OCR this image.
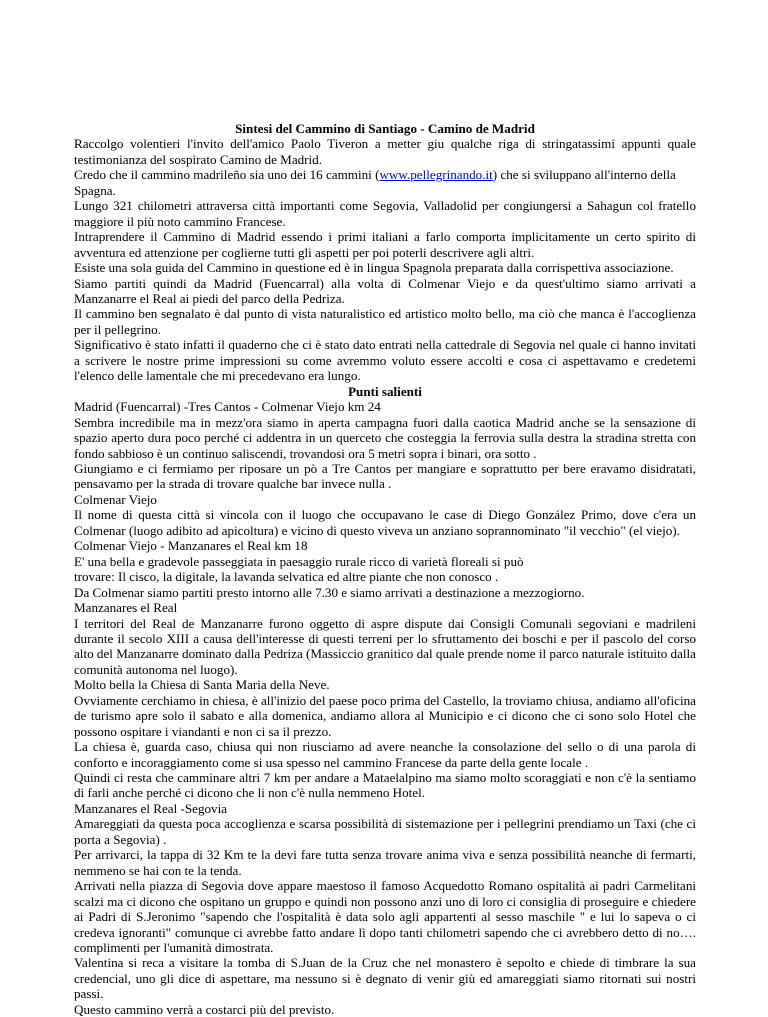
Sintesi del Cammino di Santiago - Camino de Madrid

Raccolgo volentieri l'invito dell'amico Paolo Tiveron a metter giu qualche riga di stringatassimi appunti quale testimonianza del sospirato Camino de Madrid.

Credo che il cammino madrileño sia uno dei 16 cammini (www.pellegrinando.it) che si sviluppano all'interno della Spagna.

Lungo 321 chilometri attraversa città importanti come Segovia, Valladolid per congiungersi a Sahagun col fratello maggiore il più noto cammino Francese.

Intraprendere il Cammino di Madrid essendo i primi italiani a farlo comporta implicitamente un certo spirito di avventura ed attenzione per coglierne tutti gli aspetti per poi poterli descrivere agli altri.

Esiste una sola guida del Cammino in questione ed è in lingua Spagnola preparata dalla corrispettiva associazione.

Siamo partiti quindi da Madrid (Fuencarral) alla volta di Colmenar Viejo e da quest'ultimo siamo arrivati a Manzanarre el Real ai piedi del parco della Pedriza.

Il cammino ben segnalato è dal punto di vista naturalistico ed artistico molto bello, ma ciò che manca è l'accoglienza per il pellegrino.

Significativo è stato infatti il quaderno che ci è stato dato entrati nella cattedrale di Segovia nel quale ci hanno invitati a scrivere le nostre prime impressioni su come avremmo voluto essere accolti e cosa ci aspettavamo e credetemi l'elenco delle lamentale che mi precedevano era lungo.

Punti salienti

Madrid (Fuencarral) -Tres Cantos - Colmenar Viejo km 24

Sembra incredibile ma in mezz'ora siamo in aperta campagna fuori dalla caotica Madrid anche se la sensazione di spazio aperto dura poco perché ci addentra in un querceto che costeggia la ferrovia sulla destra la stradina stretta con fondo sabbioso è un continuo saliscendi, trovandosi ora 5 metri sopra i binari, ora sotto .

Giungiamo e ci fermiamo per riposare un pò a Tre Cantos per mangiare e soprattutto per bere eravamo disidratati, pensavamo per la strada di trovare qualche bar invece nulla .

Colmenar Viejo

Il nome di questa città si vincola con il luogo che occupavano le case di Diego González Primo, dove c'era un Colmenar (luogo adibito ad apicoltura) e vicino di questo viveva un anziano soprannominato "il vecchio" (el viejo).

Colmenar Viejo - Manzanares el Real km 18

E' una bella e gradevole passeggiata in paesaggio rurale ricco di varietà floreali si può

trovare: Il cisco, la digitale, la lavanda selvatica ed altre piante che non conosco .

Da Colmenar siamo partiti presto intorno alle 7.30 e siamo arrivati a destinazione a mezzogiorno.

Manzanares el Real

I territori del Real de Manzanarre furono oggetto di aspre dispute dai Consigli Comunali segoviani e madrileni durante il secolo XIII a causa dell'interesse di questi terreni per lo sfruttamento dei boschi e per il pascolo del corso alto del Manzanarre dominato dalla Pedriza (Massiccio granitico dal quale prende nome il parco naturale istituito dalla comunità autonoma nel luogo).

Molto bella la Chiesa di Santa Maria della Neve.

Ovviamente cerchiamo in chiesa, è all'inizio del paese poco prima del Castello, la troviamo chiusa, andiamo all'oficina de turismo apre solo il sabato e alla domenica, andiamo allora al Municipio e ci dicono che ci sono solo Hotel che possono ospitare i viandanti e non ci sa il prezzo.

La chiesa è, guarda caso, chiusa qui non riusciamo ad avere neanche la consolazione del sello o di una parola di conforto e incoraggiamento come si usa spesso nel cammino Francese da parte della gente locale .

Quindi ci resta che camminare altri 7 km per andare a Mataelalpino ma siamo molto scoraggiati e non c'è la sentiamo di farli anche perché ci dicono che li non c'è nulla nemmeno Hotel.

Manzanares el Real -Segovia

Amareggiati da questa poca accoglienza e scarsa possibilità di sistemazione per i pellegrini prendiamo un Taxi (che ci porta a Segovia) .

Per arrivarci, la tappa di 32 Km te la devi fare tutta senza trovare anima viva e senza possibilità neanche di fermarti, nemmeno se hai con te la tenda.

Arrivati nella piazza di Segovia dove appare maestoso il famoso Acquedotto Romano ospitalità ai padri Carmelitani scalzi ma ci dicono che ospitano un gruppo e quindi non possono anzi uno di loro ci consiglia di proseguire e chiedere ai Padri di S.Jeronimo "sapendo che l'ospitalità è data solo agli appartenti al sesso maschile " e lui lo sapeva o ci credeva ignoranti" comunque ci avrebbe fatto andare lì dopo tanti chilometri sapendo che ci avrebbero detto di no…. complimenti per l'umanità dimostrata.

Valentina si reca a visitare la tomba di S.Juan de la Cruz che nel monastero è sepolto e chiede di timbrare la sua credencial, uno gli dice di aspettare, ma nessuno si è degnato di venir giù ed amareggiati siamo ritornati sui nostri passi.

Questo cammino verrà a costarci più del previsto.
